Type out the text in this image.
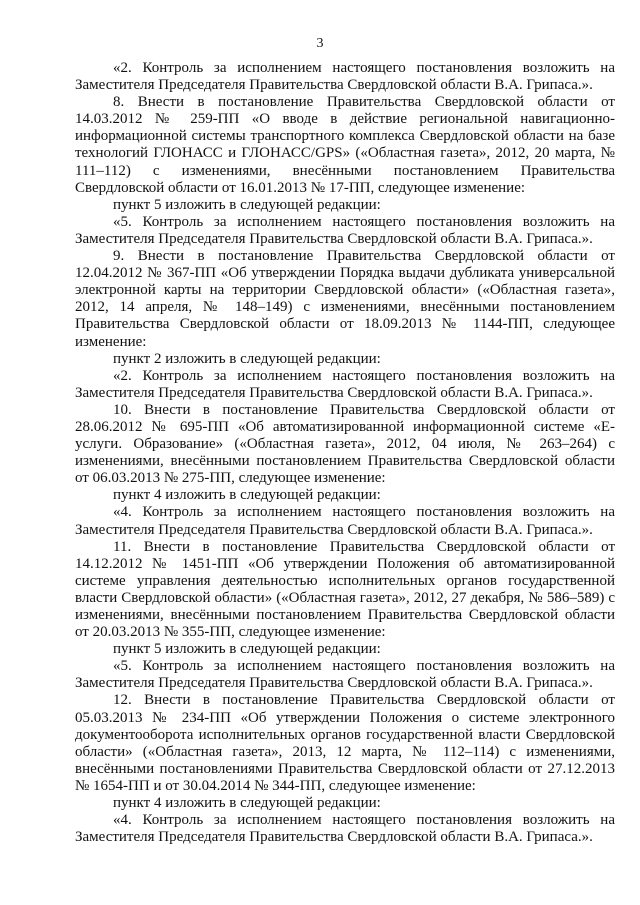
3

«2. Контроль за исполнением настоящего постановления возложить на Заместителя Председателя Правительства Свердловской области В.А. Грипаса.».

8. Внести в постановление Правительства Свердловской области от 14.03.2012 № 259-ПП «О вводе в действие региональной навигационно-информационной системы транспортного комплекса Свердловской области на базе технологий ГЛОНАСС и ГЛОНАСС/GPS» («Областная газета», 2012, 20 марта, № 111–112) с изменениями, внесёнными постановлением Правительства Свердловской области от 16.01.2013 № 17-ПП, следующее изменение:

пункт 5 изложить в следующей редакции:

«5. Контроль за исполнением настоящего постановления возложить на Заместителя Председателя Правительства Свердловской области В.А. Грипаса.».

9. Внести в постановление Правительства Свердловской области от 12.04.2012 № 367-ПП «Об утверждении Порядка выдачи дубликата универсальной электронной карты на территории Свердловской области» («Областная газета», 2012, 14 апреля, № 148–149) с изменениями, внесёнными постановлением Правительства Свердловской области от 18.09.2013 № 1144-ПП, следующее изменение:

пункт 2 изложить в следующей редакции:

«2. Контроль за исполнением настоящего постановления возложить на Заместителя Председателя Правительства Свердловской области В.А. Грипаса.».

10. Внести в постановление Правительства Свердловской области от 28.06.2012 № 695-ПП «Об автоматизированной информационной системе «Е-услуги. Образование» («Областная газета», 2012, 04 июля, № 263–264) с изменениями, внесёнными постановлением Правительства Свердловской области от 06.03.2013 № 275-ПП, следующее изменение:

пункт 4 изложить в следующей редакции:

«4. Контроль за исполнением настоящего постановления возложить на Заместителя Председателя Правительства Свердловской области В.А. Грипаса.».

11. Внести в постановление Правительства Свердловской области от 14.12.2012 № 1451-ПП «Об утверждении Положения об автоматизированной системе управления деятельностью исполнительных органов государственной власти Свердловской области» («Областная газета», 2012, 27 декабря, № 586–589) с изменениями, внесёнными постановлением Правительства Свердловской области от 20.03.2013 № 355-ПП, следующее изменение:

пункт 5 изложить в следующей редакции:

«5. Контроль за исполнением настоящего постановления возложить на Заместителя Председателя Правительства Свердловской области В.А. Грипаса.».

12. Внести в постановление Правительства Свердловской области от 05.03.2013 № 234-ПП «Об утверждении Положения о системе электронного документооборота исполнительных органов государственной власти Свердловской области» («Областная газета», 2013, 12 марта, № 112–114) с изменениями, внесёнными постановлениями Правительства Свердловской области от 27.12.2013 № 1654-ПП и от 30.04.2014 № 344-ПП, следующее изменение:

пункт 4 изложить в следующей редакции:

«4. Контроль за исполнением настоящего постановления возложить на Заместителя Председателя Правительства Свердловской области В.А. Грипаса.».
